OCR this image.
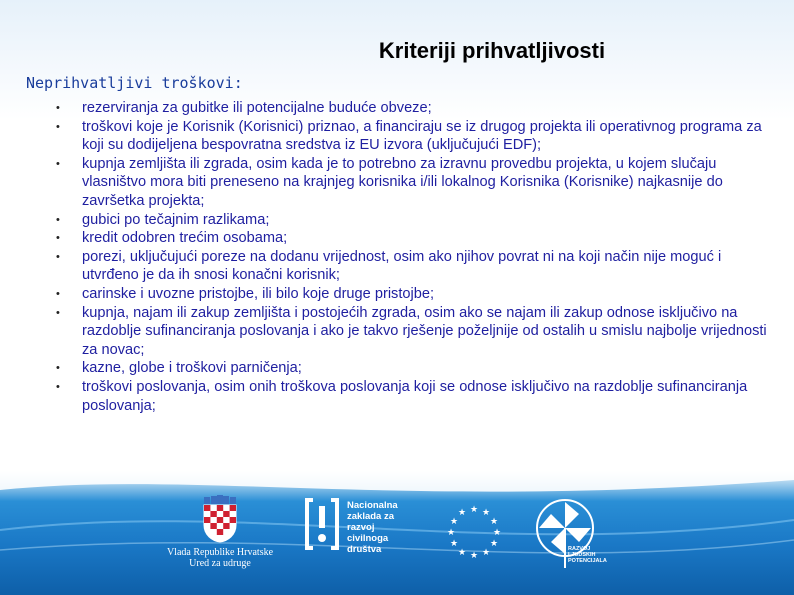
Kriteriji prihvatljivosti
Neprihvatljivi troškovi:
• rezerviranja za gubitke ili potencijalne buduće obveze;
• troškovi koje je Korisnik (Korisnici) priznao, a financiraju se iz drugog projekta ili operativnog programa za koji su dodijeljena bespovratna sredstva iz EU izvora (uključujući EDF);
• kupnja zemljišta ili zgrada, osim kada je to potrebno za izravnu provedbu projekta, u kojem slučaju vlasništvo mora biti preneseno na krajnjeg korisnika i/ili lokalnog Korisnika (Korisnike) najkasnije do završetka projekta;
• gubici po tečajnim razlikama;
• kredit odobren trećim osobama;
• porezi, uključujući poreze na dodanu vrijednost, osim ako njihov povrat ni na koji način nije moguć i utvrđeno je da ih snosi konačni korisnik;
• carinske i uvozne pristojbe, ili bilo koje druge pristojbe;
• kupnja, najam ili zakup zemljišta i postojećih zgrada, osim ako se najam ili zakup odnose isključivo na razdoblje sufinanciranja poslovanja i ako je takvo rješenje poželjnije od ostalih u smislu najbolje vrijednosti za novac;
• kazne, globe i troškovi parničenja;
• troškovi poslovanja, osim onih troškova poslovanja koji se odnose isključivo na razdoblje sufinanciranja poslovanja;
Vlada Republike Hrvatske
Ured za udruge
Nacionalna
zaklada za
razvoj
civilnoga
društva
★ ★
★
★
★
★
★
★
★
★
★
★
RAZVOJ
LJUDSKIH
POTENCIJALA
